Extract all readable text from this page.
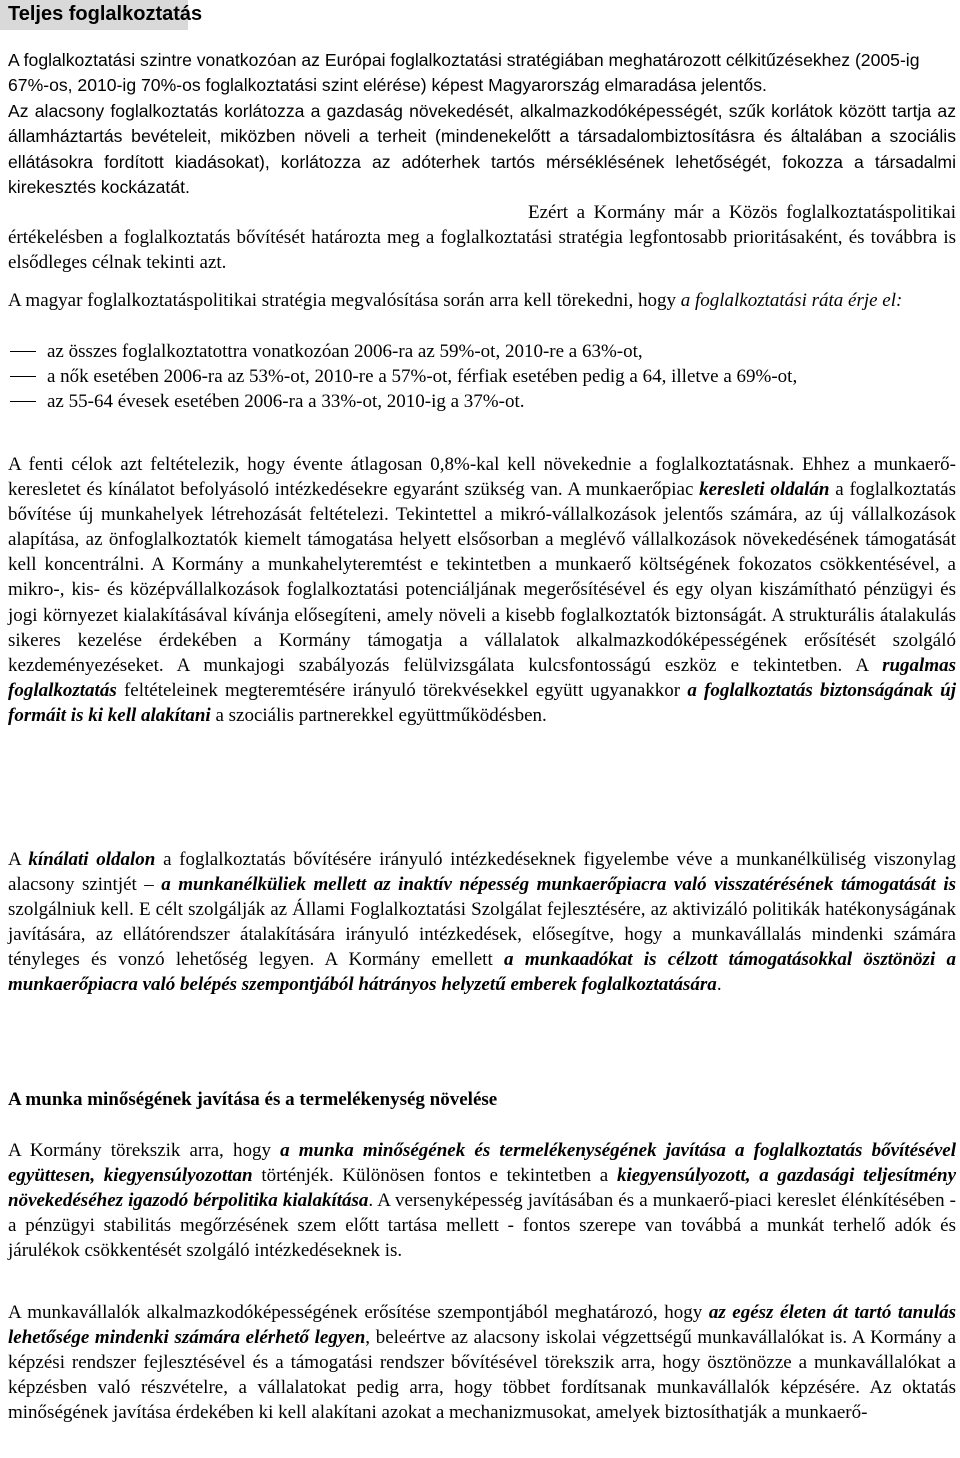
Teljes foglalkoztatás

A foglalkoztatási szintre vonatkozóan az Európai foglalkoztatási stratégiában meghatározott célkitűzésekhez (2005-ig 67%-os, 2010-ig 70%-os foglalkoztatási szint elérése) képest Magyarország elmaradása jelentős.

Az alacsony foglalkoztatás korlátozza a gazdaság növekedését, alkalmazkodóképességét, szűk korlátok között tartja az államháztartás bevételeit, miközben növeli a terheit (mindenekelőtt a társadalombiztosításra és általában a szociális ellátásokra fordított kiadásokat), korlátozza az adóterhek tartós mérséklésének lehetőségét, fokozza a társadalmi kirekesztés kockázatát.

Ezért a Kormány már a Közös foglalkoztatáspolitikai értékelésben a foglalkoztatás bővítését határozta meg a foglalkoztatási stratégia legfontosabb prioritásaként, és továbbra is elsődleges célnak tekinti azt.

A magyar foglalkoztatáspolitikai stratégia megvalósítása során arra kell törekedni, hogy a foglalkoztatási ráta érje el:

az összes foglalkoztatottra vonatkozóan 2006-ra az 59%-ot, 2010-re a 63%-ot,
a nők esetében 2006-ra az 53%-ot, 2010-re a 57%-ot, férfiak esetében pedig a 64, illetve a 69%-ot,
az 55-64 évesek esetében 2006-ra a 33%-ot, 2010-ig a 37%-ot.

A fenti célok azt feltételezik, hogy évente átlagosan 0,8%-kal kell növekednie a foglalkoztatásnak. Ehhez a munkaerő-keresletet és kínálatot befolyásoló intézkedésekre egyaránt szükség van. A munkaerőpiac keresleti oldalán a foglalkoztatás bővítése új munkahelyek létrehozását feltételezi. Tekintettel a mikró-vállalkozások jelentős számára, az új vállalkozások alapítása, az önfoglalkoztatók kiemelt támogatása helyett elsősorban a meglévő vállalkozások növekedésének támogatását kell koncentrálni. A Kormány a munkahelyteremtést e tekintetben a munkaerő költségének fokozatos csökkentésével, a mikro-, kis- és középvállalkozások foglalkoztatási potenciáljának megerősítésével és egy olyan kiszámítható pénzügyi és jogi környezet kialakításával kívánja elősegíteni, amely növeli a kisebb foglalkoztatók biztonságát. A strukturális átalakulás sikeres kezelése érdekében a Kormány támogatja a vállalatok alkalmazkodóképességének erősítését szolgáló kezdeményezéseket. A munkajogi szabályozás felülvizsgálata kulcsfontosságú eszköz e tekintetben. A rugalmas foglalkoztatás feltételeinek megteremtésére irányuló törekvésekkel együtt ugyanakkor a foglalkoztatás biztonságának új formáit is ki kell alakítani a szociális partnerekkel együttműködésben.

A kínálati oldalon a foglalkoztatás bővítésére irányuló intézkedéseknek figyelembe véve a munkanélküliség viszonylag alacsony szintjét – a munkanélküliek mellett az inaktív népesség munkaerőpiacra való visszatérésének támogatását is szolgálniuk kell. E célt szolgálják az Állami Foglalkoztatási Szolgálat fejlesztésére, az aktivizáló politikák hatékonyságának javítására, az ellátórendszer átalakítására irányuló intézkedések, elősegítve, hogy a munkavállalás mindenki számára tényleges és vonzó lehetőség legyen. A Kormány emellett a munkaadókat is célzott támogatásokkal ösztönözi a munkaerőpiacra való belépés szempontjából hátrányos helyzetű emberek foglalkoztatására.

A munka minőségének javítása és a termelékenység növelése

A Kormány törekszik arra, hogy a munka minőségének és termelékenységének javítása a foglalkoztatás bővítésével együttesen, kiegyensúlyozottan történjék. Különösen fontos e tekintetben a kiegyensúlyozott, a gazdasági teljesítmény növekedéséhez igazodó bérpolitika kialakítása. A versenyképesség javításában és a munkaerő-piaci kereslet élénkítésében - a pénzügyi stabilitás megőrzésének szem előtt tartása mellett - fontos szerepe van továbbá a munkát terhelő adók és járulékok csökkentését szolgáló intézkedéseknek is.

A munkavállalók alkalmazkodóképességének erősítése szempontjából meghatározó, hogy az egész életen át tartó tanulás lehetősége mindenki számára elérhető legyen, beleértve az alacsony iskolai végzettségű munkavállalókat is. A Kormány a képzési rendszer fejlesztésével és a támogatási rendszer bővítésével törekszik arra, hogy ösztönözze a munkavállalókat a képzésben való részvételre, a vállalatokat pedig arra, hogy többet fordítsanak munkavállalók képzésére. Az oktatás minőségének javítása érdekében ki kell alakítani azokat a mechanizmusokat, amelyek biztosíthatják a munkaerő-
